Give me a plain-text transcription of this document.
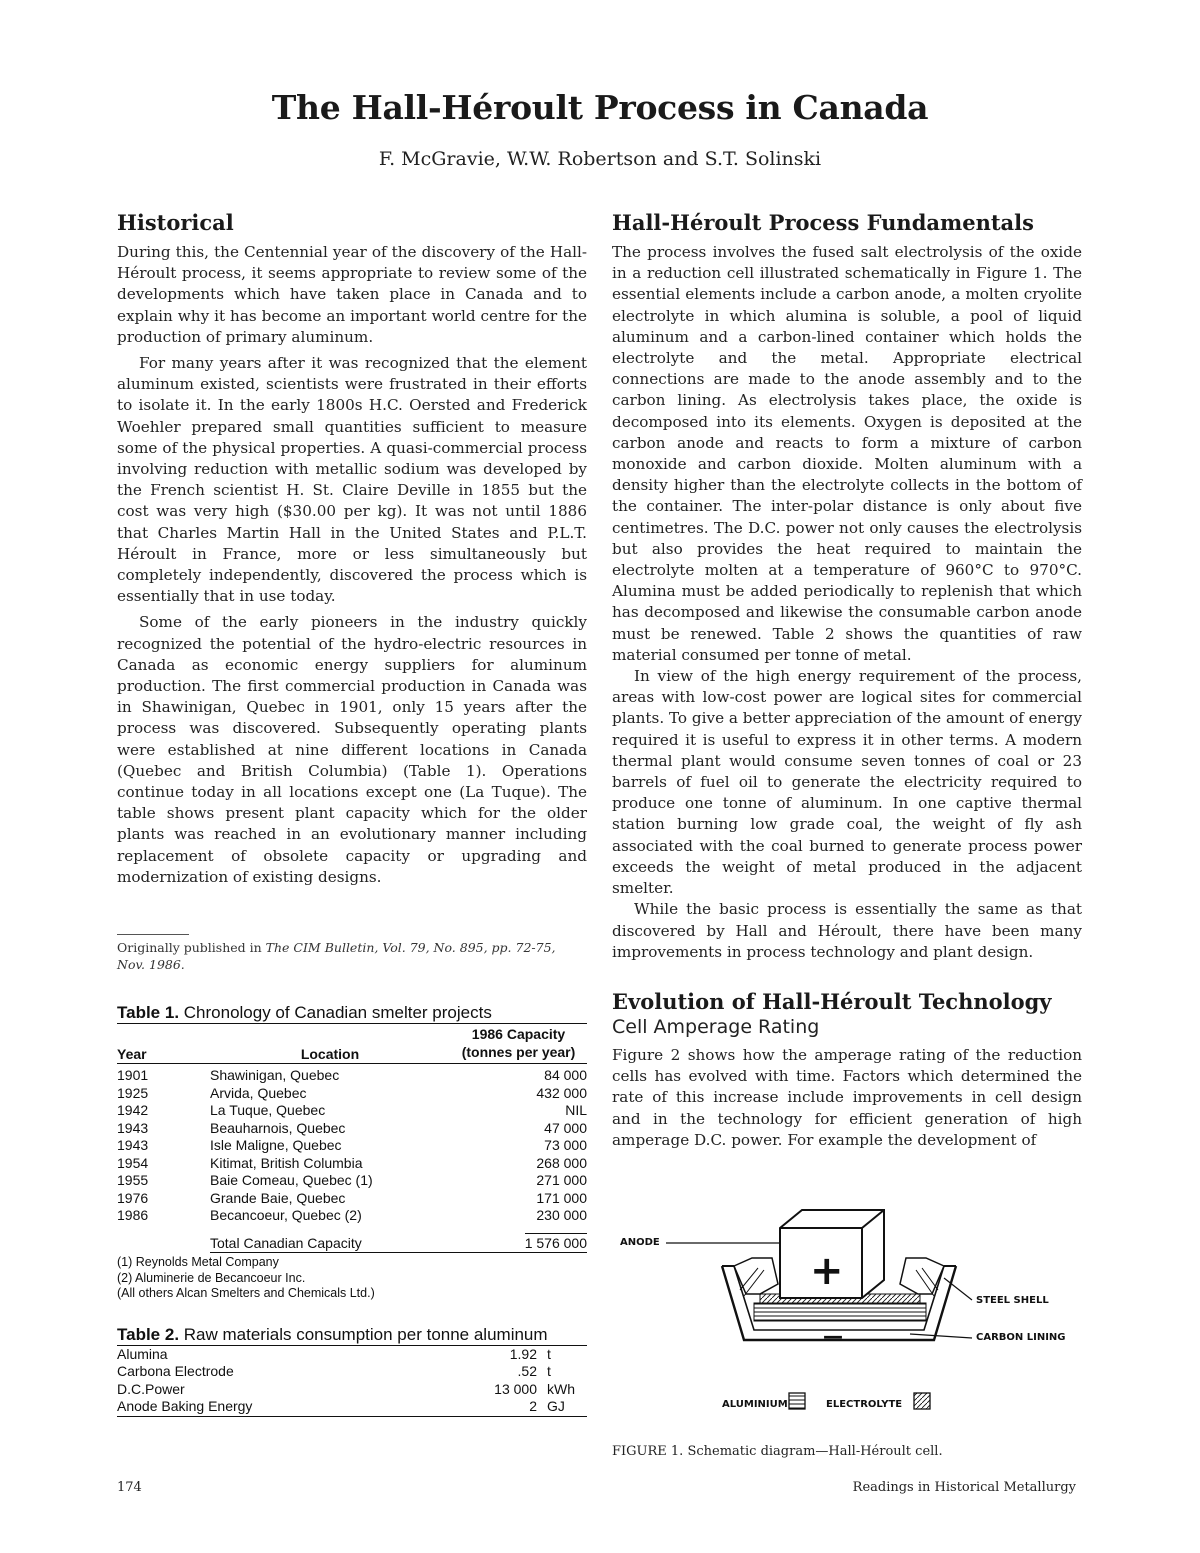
The Hall-Héroult Process in Canada
F. McGravie, W.W. Robertson and S.T. Solinski
Historical

During this, the Centennial year of the discovery of the Hall-Héroult process, it seems appropriate to review some of the developments which have taken place in Canada and to explain why it has become an important world centre for the production of primary aluminum.

For many years after it was recognized that the element aluminum existed, scientists were frustrated in their efforts to isolate it. In the early 1800s H.C. Oersted and Frederick Woehler prepared small quantities sufficient to measure some of the physical properties. A quasi-commercial process involving reduction with metallic sodium was developed by the French scientist H. St. Claire Deville in 1855 but the cost was very high ($30.00 per kg). It was not until 1886 that Charles Martin Hall in the United States and P.L.T. Héroult in France, more or less simultaneously but completely independently, discovered the process which is essentially that in use today.

Some of the early pioneers in the industry quickly recognized the potential of the hydro-electric resources in Canada as economic energy suppliers for aluminum production. The first commercial production in Canada was in Shawinigan, Quebec in 1901, only 15 years after the process was discovered. Subsequently operating plants were established at nine different locations in Canada (Quebec and British Columbia) (Table 1). Operations continue today in all locations except one (La Tuque). The table shows present plant capacity which for the older plants was reached in an evolutionary manner including replacement of obsolete capacity or upgrading and modernization of existing designs.

Originally published in The CIM Bulletin, Vol. 79, No. 895, pp. 72-75, Nov. 1986.
Table 1. Chronology of Canadian smelter projects
		1986 Capacity
Year	Location	(tonnes per year)
1901	Shawinigan, Quebec	84 000
1925	Arvida, Quebec	432 000
1942	La Tuque, Quebec	NIL
1943	Beauharnois, Quebec	47 000
1943	Isle Maligne, Quebec	73 000
1954	Kitimat, British Columbia	268 000
1955	Baie Comeau, Quebec (1)	271 000
1976	Grande Baie, Quebec	171 000
1986	Becancoeur, Quebec (2)	230 000
	Total Canadian Capacity	1 576 000
(1) Reynolds Metal Company
(2) Aluminerie de Becancoeur Inc.
(All others Alcan Smelters and Chemicals Ltd.)
Table 2. Raw materials consumption per tonne aluminum
Alumina	1.92	t
Carbona Electrode	.52	t
D.C.Power	13 000	kWh
Anode Baking Energy	2	GJ
Hall-Héroult Process Fundamentals

The process involves the fused salt electrolysis of the oxide in a reduction cell illustrated schematically in Figure 1. The essential elements include a carbon anode, a molten cryolite electrolyte in which alumina is soluble, a pool of liquid aluminum and a carbon-lined container which holds the electrolyte and the metal. Appropriate electrical connections are made to the anode assembly and to the carbon lining. As electrolysis takes place, the oxide is decomposed into its elements. Oxygen is deposited at the carbon anode and reacts to form a mixture of carbon monoxide and carbon dioxide. Molten aluminum with a density higher than the electrolyte collects in the bottom of the container. The inter-polar distance is only about five centimetres. The D.C. power not only causes the electrolysis but also provides the heat required to maintain the electrolyte molten at a temperature of 960°C to 970°C. Alumina must be added periodically to replenish that which has decomposed and likewise the consumable carbon anode must be renewed. Table 2 shows the quantities of raw material consumed per tonne of metal.

In view of the high energy requirement of the process, areas with low-cost power are logical sites for commercial plants. To give a better appreciation of the amount of energy required it is useful to express it in other terms. A modern thermal plant would consume seven tonnes of coal or 23 barrels of fuel oil to generate the electricity required to produce one tonne of aluminum. In one captive thermal station burning low grade coal, the weight of fly ash associated with the coal burned to generate process power exceeds the weight of metal produced in the adjacent smelter.

While the basic process is essentially the same as that discovered by Hall and Héroult, there have been many improvements in process technology and plant design.

Evolution of Hall-Héroult Technology
Cell Amperage Rating

Figure 2 shows how the amperage rating of the reduction cells has evolved with time. Factors which determined the rate of this increase include improvements in cell design and in the technology for efficient generation of high amperage D.C. power. For example the development of

—
+
ANODE
STEEL SHELL
CARBON LINING
ALUMINIUM	ELECTROLYTE
FIGURE 1. Schematic diagram—Hall-Héroult cell.
174	Readings in Historical Metallurgy
